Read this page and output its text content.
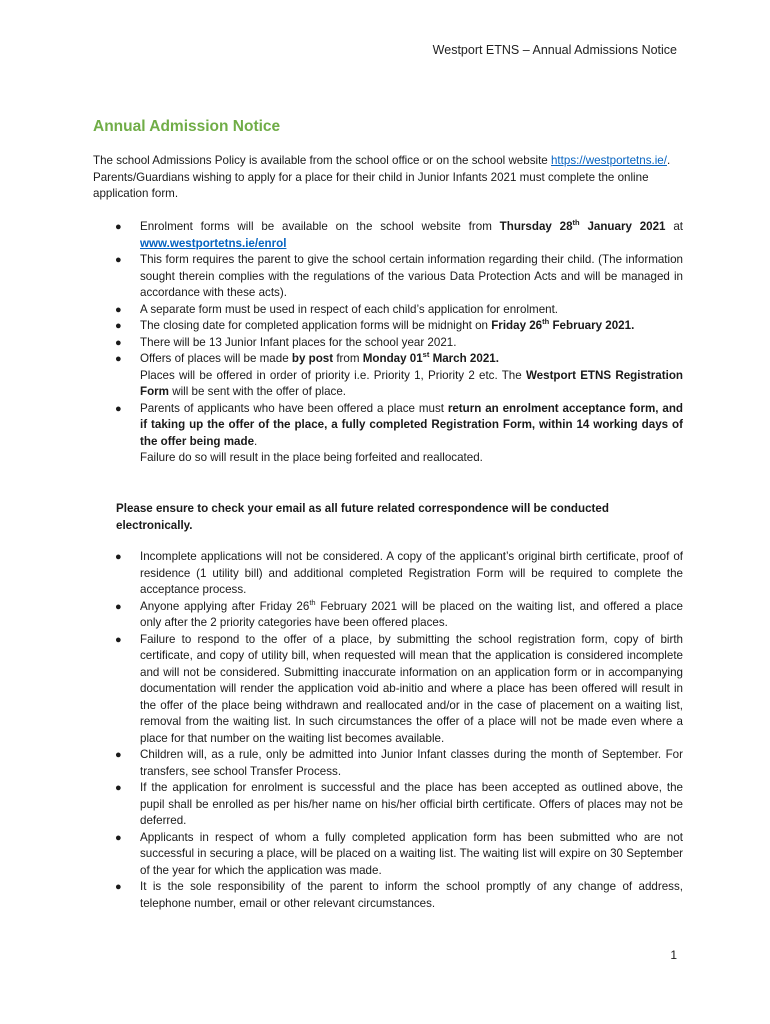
Westport ETNS – Annual Admissions Notice
Annual Admission Notice
The school Admissions Policy is available from the school office or on the school website https://westportetns.ie/. Parents/Guardians wishing to apply for a place for their child in Junior Infants 2021 must complete the online application form.
● Enrolment forms will be available on the school website from Thursday 28th January 2021 at www.westportetns.ie/enrol
● This form requires the parent to give the school certain information regarding their child. (The information sought therein complies with the regulations of the various Data Protection Acts and will be managed in accordance with these acts).
● A separate form must be used in respect of each child’s application for enrolment.
● The closing date for completed application forms will be midnight on Friday 26th February 2021.
● There will be 13 Junior Infant places for the school year 2021.
● Offers of places will be made by post from Monday 01st March 2021.
Places will be offered in order of priority i.e. Priority 1, Priority 2 etc. The Westport ETNS Registration Form will be sent with the offer of place.
● Parents of applicants who have been offered a place must return an enrolment acceptance form, and if taking up the offer of the place, a fully completed Registration Form, within 14 working days of the offer being made.
Failure do so will result in the place being forfeited and reallocated.
Please ensure to check your email as all future related correspondence will be conducted electronically.
● Incomplete applications will not be considered. A copy of the applicant’s original birth certificate, proof of residence (1 utility bill) and additional completed Registration Form will be required to complete the acceptance process.
● Anyone applying after Friday 26th February 2021 will be placed on the waiting list, and offered a place only after the 2 priority categories have been offered places.
● Failure to respond to the offer of a place, by submitting the school registration form, copy of birth certificate, and copy of utility bill, when requested will mean that the application is considered incomplete and will not be considered. Submitting inaccurate information on an application form or in accompanying documentation will render the application void ab-initio and where a place has been offered will result in the offer of the place being withdrawn and reallocated and/or in the case of placement on a waiting list, removal from the waiting list. In such circumstances the offer of a place will not be made even where a place for that number on the waiting list becomes available.
● Children will, as a rule, only be admitted into Junior Infant classes during the month of September. For transfers, see school Transfer Process.
● If the application for enrolment is successful and the place has been accepted as outlined above, the pupil shall be enrolled as per his/her name on his/her official birth certificate. Offers of places may not be deferred.
● Applicants in respect of whom a fully completed application form has been submitted who are not successful in securing a place, will be placed on a waiting list. The waiting list will expire on 30 September of the year for which the application was made.
● It is the sole responsibility of the parent to inform the school promptly of any change of address, telephone number, email or other relevant circumstances.
1
